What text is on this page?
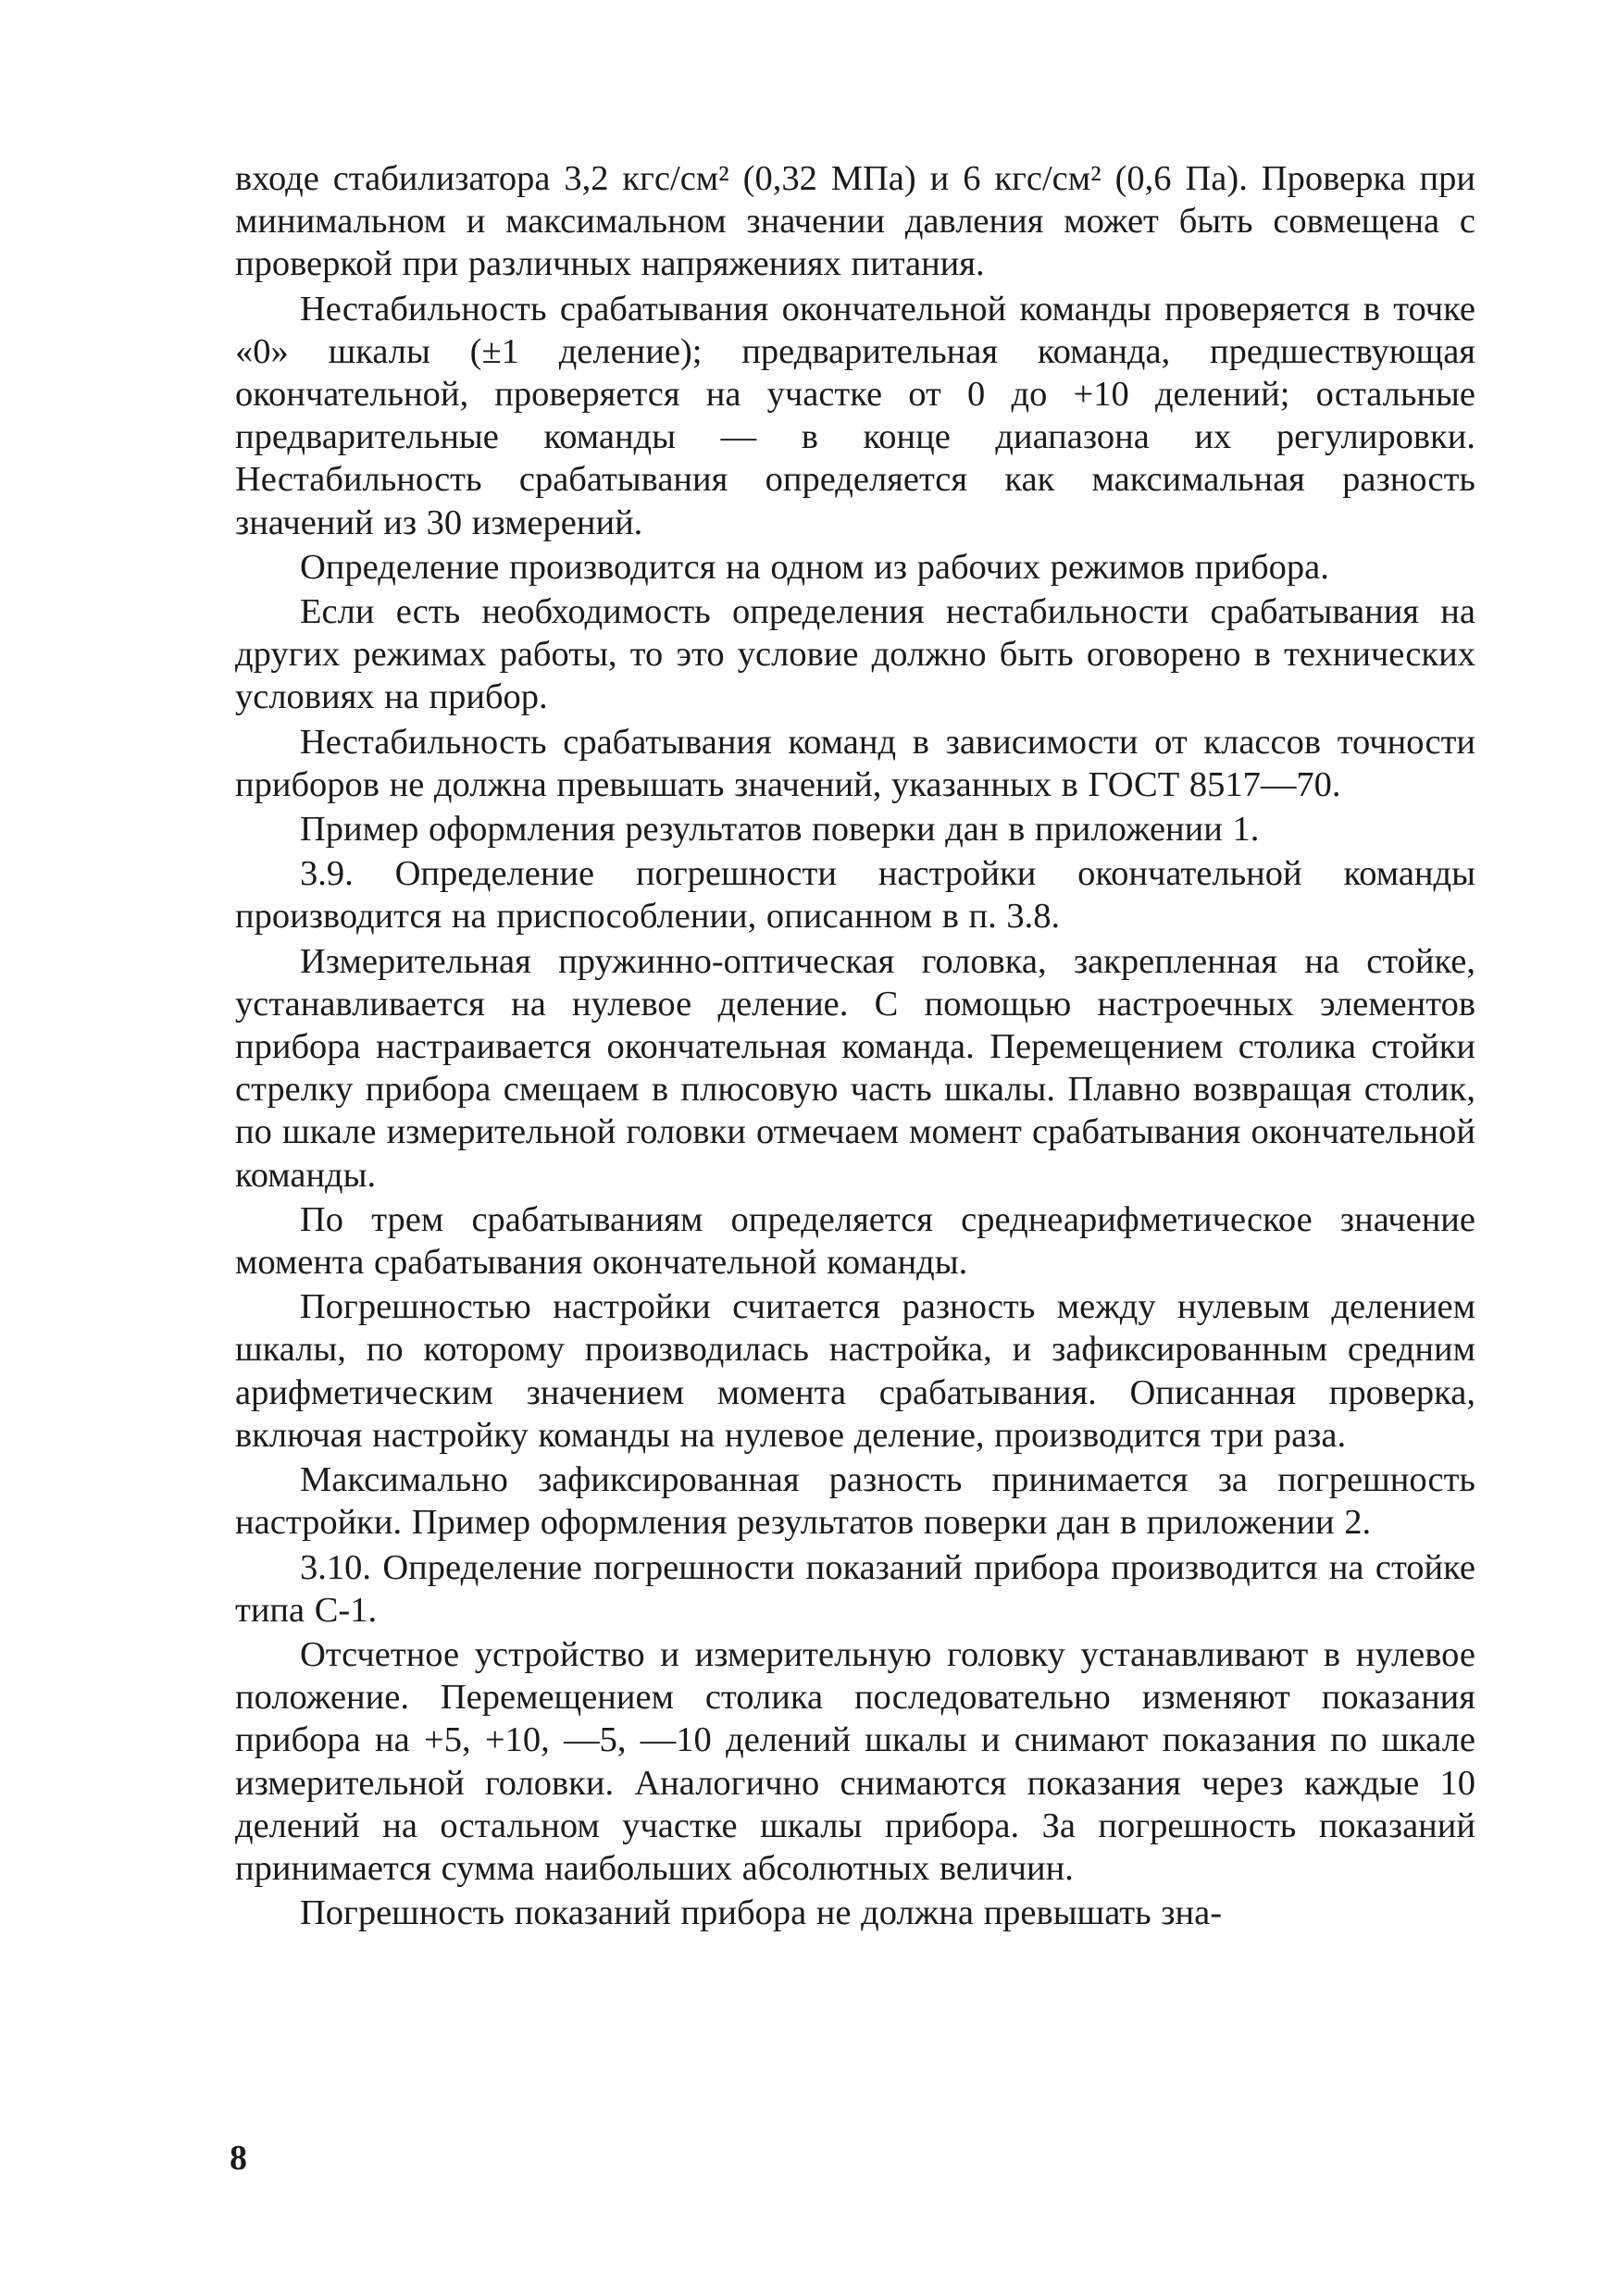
входе стабилизатора 3,2 кгс/см² (0,32 МПа) и 6 кгс/см² (0,6 Па). Проверка при минимальном и максимальном значении давления может быть совмещена с проверкой при различных напряжениях питания.

Нестабильность срабатывания окончательной команды проверяется в точке «0» шкалы (±1 деление); предварительная команда, предшествующая окончательной, проверяется на участке от 0 до +10 делений; остальные предварительные команды — в конце диапазона их регулировки. Нестабильность срабатывания определяется как максимальная разность значений из 30 измерений.

Определение производится на одном из рабочих режимов прибора.

Если есть необходимость определения нестабильности срабатывания на других режимах работы, то это условие должно быть оговорено в технических условиях на прибор.

Нестабильность срабатывания команд в зависимости от классов точности приборов не должна превышать значений, указанных в ГОСТ 8517—70.

Пример оформления результатов поверки дан в приложении 1.

3.9. Определение погрешности настройки окончательной команды производится на приспособлении, описанном в п. 3.8.

Измерительная пружинно-оптическая головка, закрепленная на стойке, устанавливается на нулевое деление. С помощью настроечных элементов прибора настраивается окончательная команда. Перемещением столика стойки стрелку прибора смещаем в плюсовую часть шкалы. Плавно возвращая столик, по шкале измерительной головки отмечаем момент срабатывания окончательной команды.

По трем срабатываниям определяется среднеарифметическое значение момента срабатывания окончательной команды.

Погрешностью настройки считается разность между нулевым делением шкалы, по которому производилась настройка, и зафиксированным средним арифметическим значением момента срабатывания. Описанная проверка, включая настройку команды на нулевое деление, производится три раза.

Максимально зафиксированная разность принимается за погрешность настройки. Пример оформления результатов поверки дан в приложении 2.

3.10. Определение погрешности показаний прибора производится на стойке типа С-1.

Отсчетное устройство и измерительную головку устанавливают в нулевое положение. Перемещением столика последовательно изменяют показания прибора на +5, +10, —5, —10 делений шкалы и снимают показания по шкале измерительной головки. Аналогично снимаются показания через каждые 10 делений на остальном участке шкалы прибора. За погрешность показаний принимается сумма наибольших абсолютных величин.

Погрешность показаний прибора не должна превышать зна-

8
